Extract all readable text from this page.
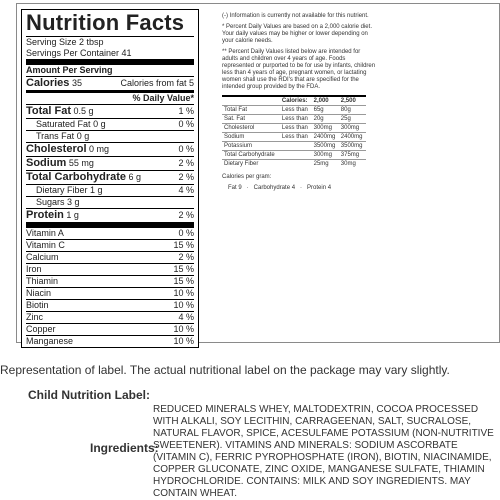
Nutrition Facts
Serving Size 2 tbsp
Servings Per Container 41
Amount Per Serving
Calories 35	Calories from fat 5
% Daily Value*
Total Fat 0.5 g	1 %
Saturated Fat 0 g	0 %
Trans Fat 0 g
Cholesterol 0 mg	0 %
Sodium 55 mg	2 %
Total Carbohydrate 6 g	2 %
Dietary Fiber 1 g	4 %
Sugars 3 g
Protein 1 g	2 %
Vitamin A	0 %
Vitamin C	15 %
Calcium	2 %
Iron	15 %
Thiamin	15 %
Niacin	10 %
Biotin	10 %
Zinc	4 %
Copper	10 %
Manganese	10 %

(-) Information is currently not available for this nutrient.

* Percent Daily Values are based on a 2,000 calorie diet. Your daily values may be higher or lower depending on your calorie needs.

** Percent Daily Values listed below are intended for adults and children over 4 years of age. Foods represented or purported to be for use by infants, children less than 4 years of age, pregnant women, or lactating women shall use the RDI's that are specified for the intended group provided by the FDA.

	Calories:	2,000	2,500
Total Fat	Less than	65g	80g
Sat. Fat	Less than	20g	25g
Cholesterol	Less than	300mg	300mg
Sodium	Less than	2400mg	2400mg
Potassium		3500mg	3500mg
Total Carbohydrate		300mg	375mg
Dietary Fiber		25mg	30mg

Calories per gram:

Fat 9   ·   Carbohydrate 4   ·   Protein 4

Representation of label. The actual nutritional label on the package may vary slightly.
Child Nutrition Label:
Ingredients:
REDUCED MINERALS WHEY, MALTODEXTRIN, COCOA PROCESSED WITH ALKALI, SOY LECITHIN, CARRAGEENAN, SALT, SUCRALOSE, NATURAL FLAVOR, SPICE, ACESULFAME POTASSIUM (NON-NUTRITIVE SWEETENER). VITAMINS AND MINERALS: SODIUM ASCORBATE (VITAMIN C), FERRIC PYROPHOSPHATE (IRON), BIOTIN, NIACINAMIDE, COPPER GLUCONATE, ZINC OXIDE, MANGANESE SULFATE, THIAMIN HYDROCHLORIDE. CONTAINS: MILK AND SOY INGREDIENTS. MAY CONTAIN WHEAT.
